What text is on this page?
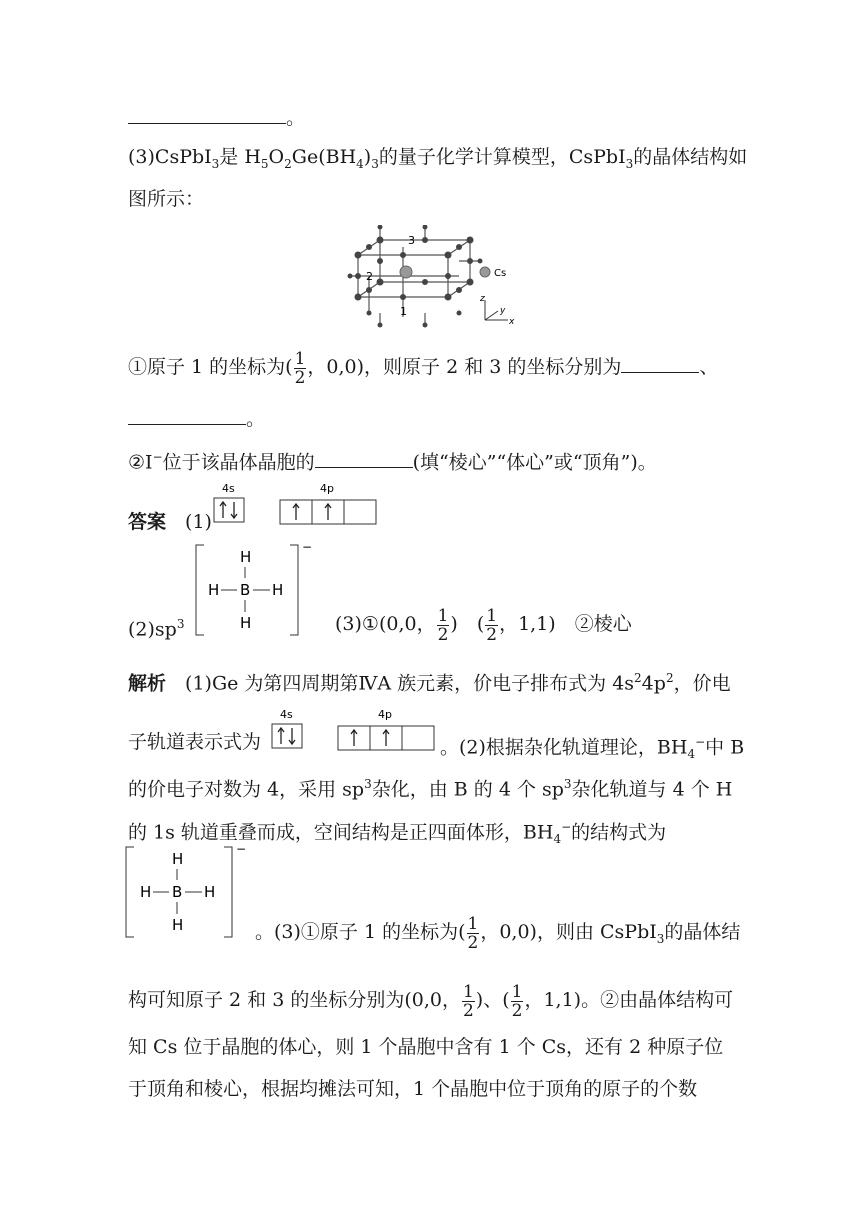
。
(3)CsPbI$_3$是 $H_5O_2Ge(BH_4)_3$的量子化学计算模型，CsPbI$_3$的晶体结构如
图所示：
Cs
1
2
3
z
y
x
①原子 1 的坐标为( $\frac{1}{2}$ ，0,0)，则原子 2 和 3 的坐标分别为	、
。
②I−位于该晶体晶胞的	(填“棱心”“体心”或“顶角”)。
答案　 (1)
4s	4p
−
H
H B H
H
$(2)sp^3$	(3)①(0,0， $\frac{1}{2}$ )　( $\frac{1}{2}$ ，1,1)　②棱心
解析　 (1)Ge 为第四周期第ⅣA 族元素，价电子排布式为 $4s^24p^2$，价电
子轨道表示式为
4s	4p
。(2)根据杂化轨道理论，$BH_4^-$中 B
的价电子对数为 4，采用 $sp^3$杂化，由 B 的 4 个 $sp^3$杂化轨道与 4 个 H
的 1s 轨道重叠而成，空间结构是正四面体形，$BH_4^-$的结构式为
−
H
H B H
H	。(3)①原子 1 的坐标为( $\frac{1}{2}$ ，0,0)，则由 CsPbI$_3$的晶体结
构可知原子 2 和 3 的坐标分别为(0,0， $\frac{1}{2}$ )、( $\frac{1}{2}$ ，1,1)。②由晶体结构可
知 Cs 位于晶胞的体心，则 1 个晶胞中含有 1 个 Cs，还有 2 种原子位
于顶角和棱心，根据均摊法可知，1 个晶胞中位于顶角的原子的个数
